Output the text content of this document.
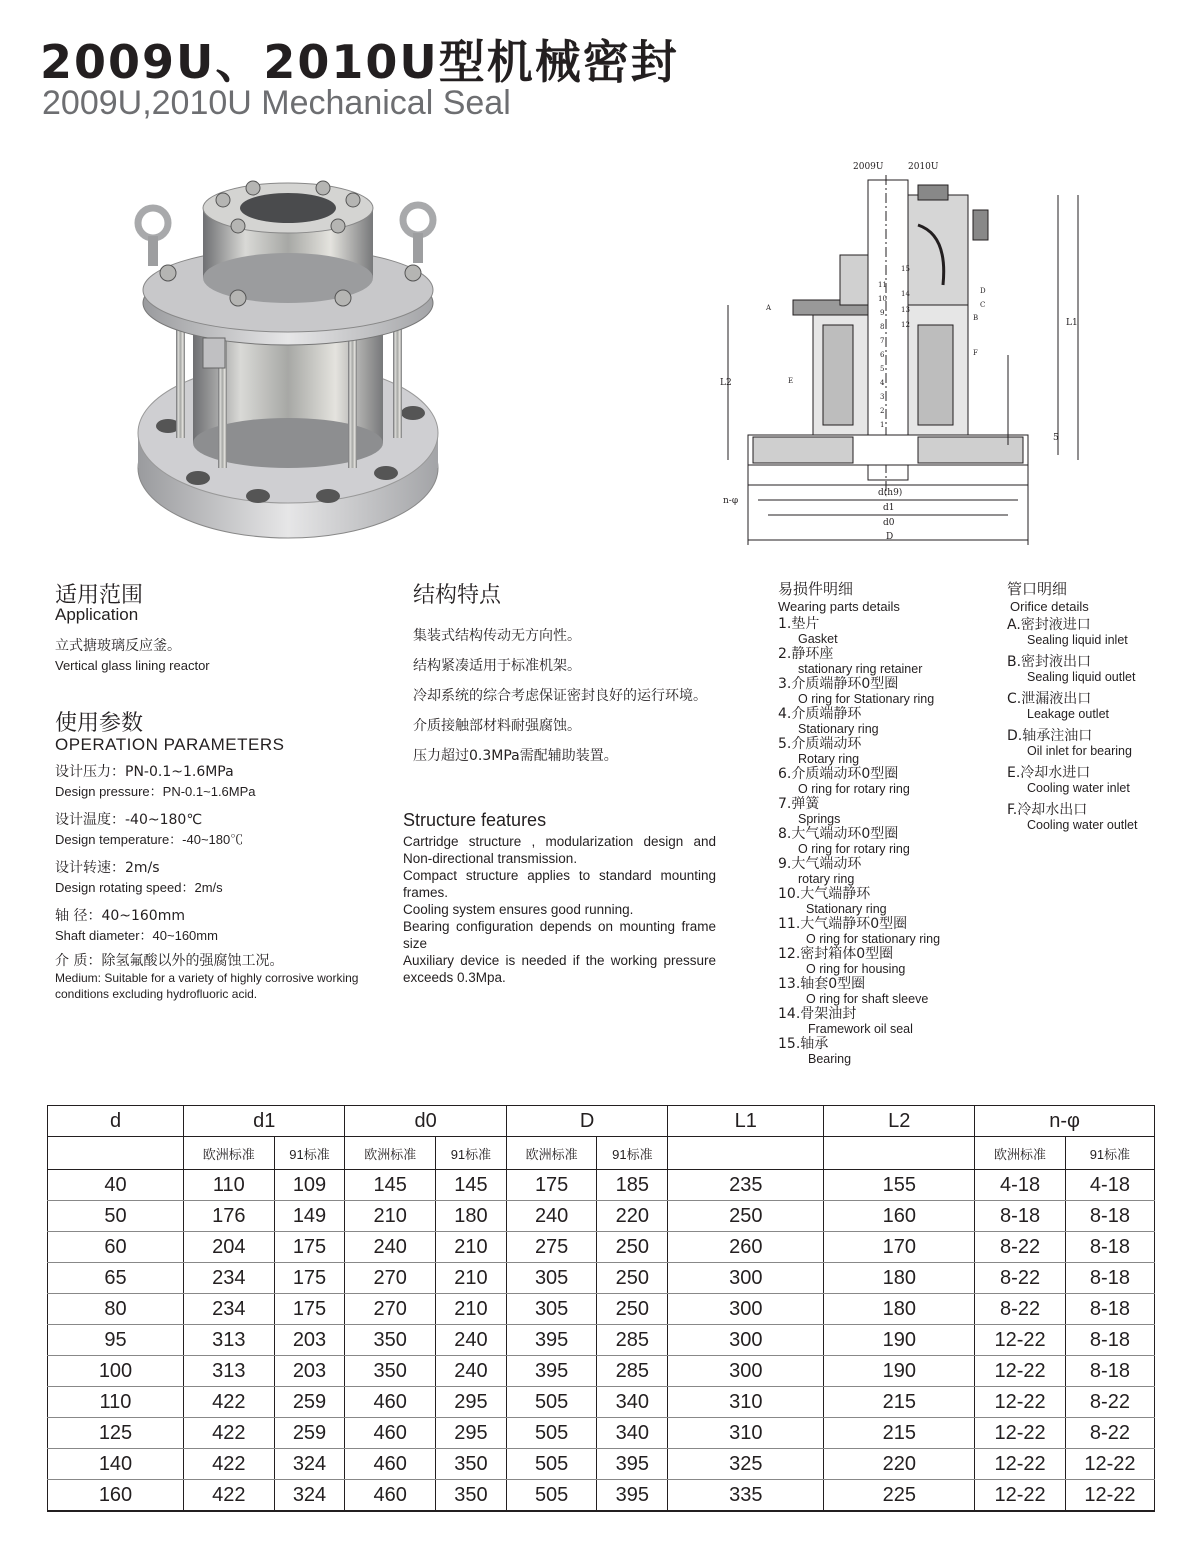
2009U、2010U型机械密封
2009U,2010U Mechanical Seal
2009U	2010U
L1
L2
5
n-φ
d(h9)
d1
d0
D
A
B
C
D
E
F
1
2
3
4
5
6
7
8
9
10
11
12
13
14
15
适用范围
Application
立式搪玻璃反应釜。
Vertical glass lining reactor
使用参数
OPERATION PARAMETERS
设计压力：PN-0.1~1.6MPa
Design pressure：PN-0.1~1.6MPa
设计温度：-40~180℃
Design temperature：-40~180℃
设计转速：2m/s
Design rotating speed：2m/s
轴 径：40~160mm
Shaft diameter：40~160mm
介 质：除氢氟酸以外的强腐蚀工况。
Medium: Suitable for a variety of highly corrosive working conditions excluding hydrofluoric acid.
结构特点
集装式结构传动无方向性。
结构紧凑适用于标准机架。
冷却系统的综合考虑保证密封良好的运行环境。
介质接触部材料耐强腐蚀。
压力超过0.3MPa需配辅助装置。
Structure features
Cartridge structure , modularization design and Non-directional transmission.
Compact structure applies to standard mounting frames.
Cooling system ensures good running.
Bearing configuration depends on mounting frame size
Auxiliary device is needed if the working pressure exceeds 0.3Mpa.
易损件明细
Wearing parts details
1.垫片
Gasket
2.静环座
stationary ring retainer
3.介质端静环0型圈
O ring for Stationary ring
4.介质端静环
Stationary ring
5.介质端动环
Rotary ring
6.介质端动环0型圈
O ring for rotary ring
7.弹簧
Springs
8.大气端动环0型圈
O ring for rotary ring
9.大气端动环
rotary ring
10.大气端静环
Stationary ring
11.大气端静环0型圈
O ring for stationary ring
12.密封箱体0型圈
O ring for housing
13.轴套0型圈
O ring for shaft sleeve
14.骨架油封
Framework oil seal
15.轴承
Bearing
管口明细
Orifice details
A.密封液进口
Sealing liquid inlet
B.密封液出口
Sealing liquid outlet
C.泄漏液出口
Leakage outlet
D.轴承注油口
Oil inlet for bearing
E.冷却水进口
Cooling water inlet
F.冷却水出口
Cooling water outlet
d	d1		d0		D		L1	L2	n-φ	
	欧洲标准	91标准	欧洲标准	91标准	欧洲标准	91标准			欧洲标准	91标准
40	110	109	145	145	175	185	235	155	4-18	4-18
50	176	149	210	180	240	220	250	160	8-18	8-18
60	204	175	240	210	275	250	260	170	8-22	8-18
65	234	175	270	210	305	250	300	180	8-22	8-18
80	234	175	270	210	305	250	300	180	8-22	8-18
95	313	203	350	240	395	285	300	190	12-22	8-18
100	313	203	350	240	395	285	300	190	12-22	8-18
110	422	259	460	295	505	340	310	215	12-22	8-22
125	422	259	460	295	505	340	310	215	12-22	8-22
140	422	324	460	350	505	395	325	220	12-22	12-22
160	422	324	460	350	505	395	335	225	12-22	12-22
